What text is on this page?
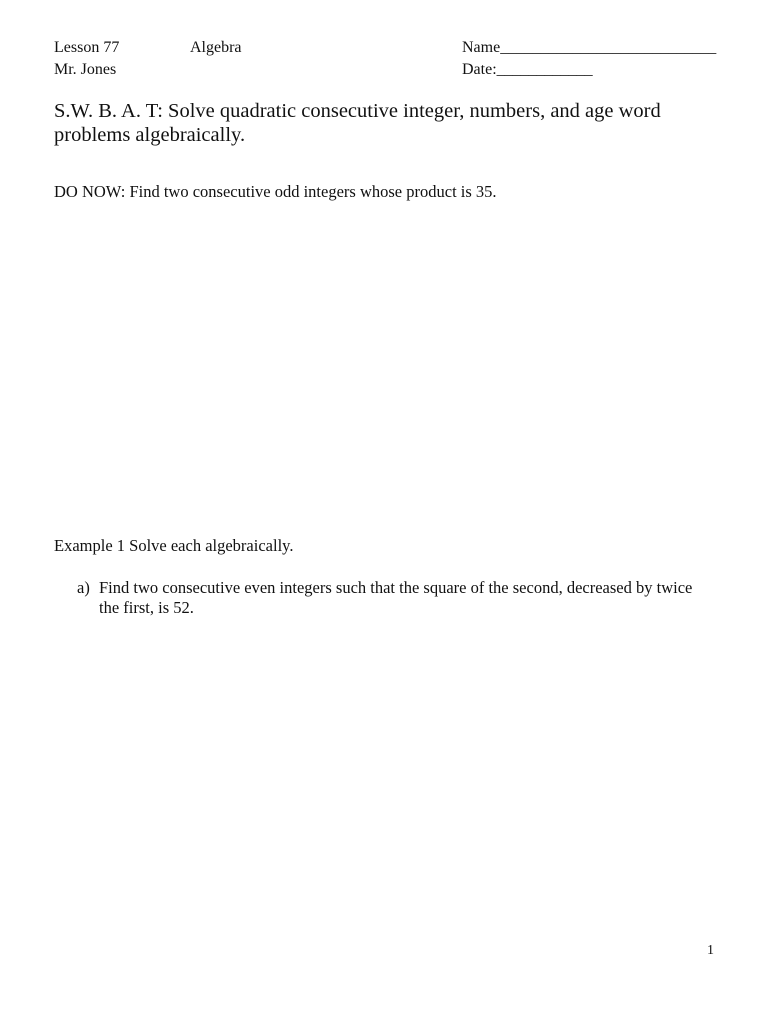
Lesson 77	Algebra
Mr. Jones
Name___________________________
Date:____________
S.W. B. A. T: Solve quadratic consecutive integer, numbers, and age word problems algebraically.
DO NOW: Find two consecutive odd integers whose product is 35.
Example 1 Solve each algebraically.
a) Find two consecutive even integers such that the square of the second, decreased by twice the first, is 52.
1
